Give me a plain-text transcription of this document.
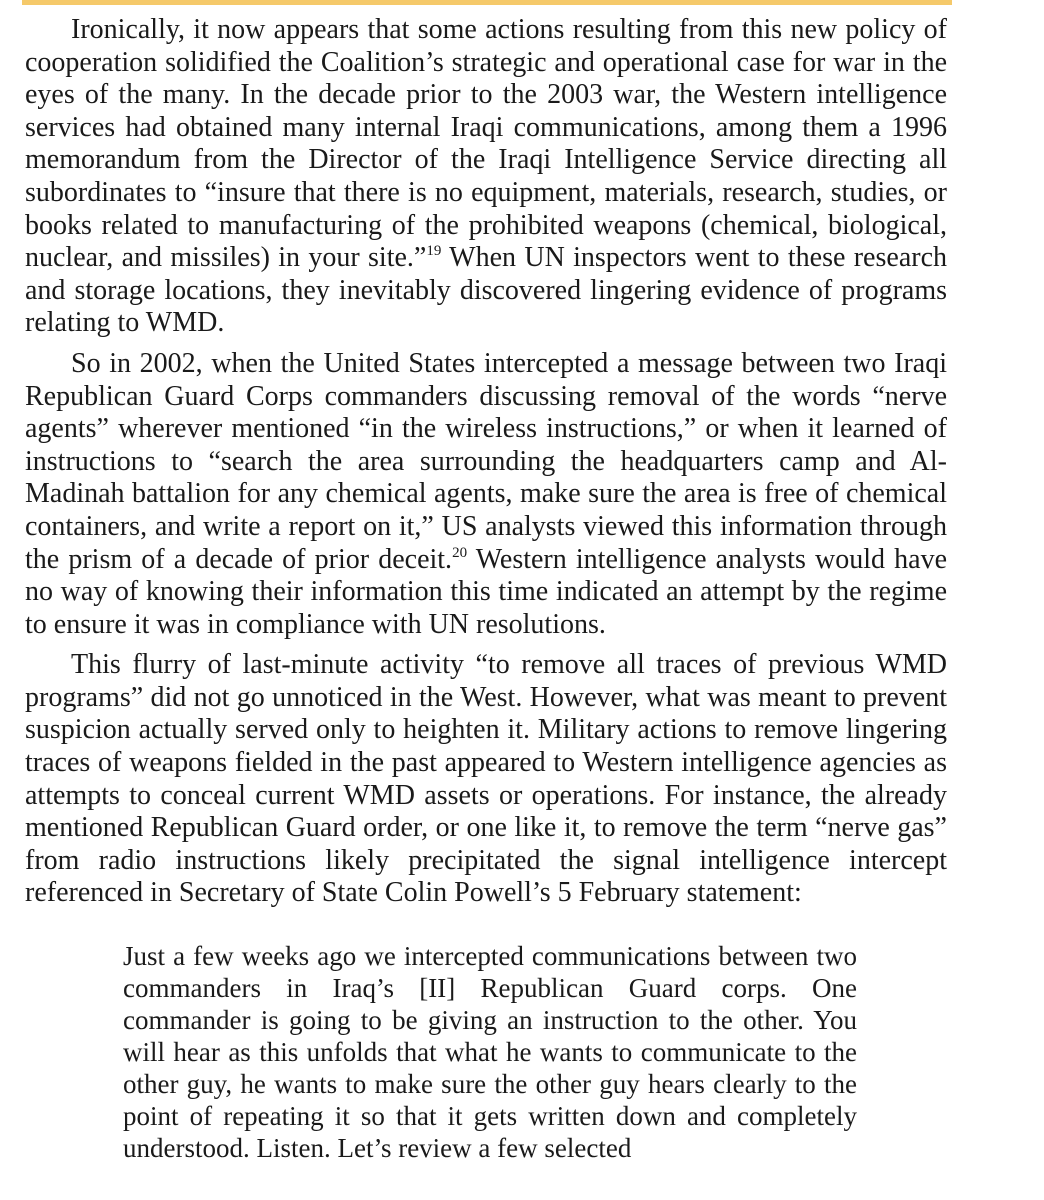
Ironically, it now appears that some actions resulting from this new policy of cooperation solidified the Coalition’s strategic and operational case for war in the eyes of the many. In the decade prior to the 2003 war, the Western intelligence services had obtained many internal Iraqi communications, among them a 1996 memorandum from the Director of the Iraqi Intelligence Service directing all subordinates to “insure that there is no equipment, materials, research, studies, or books related to manufacturing of the prohibited weapons (chemical, biological, nuclear, and missiles) in your site.”$^{19}$ When UN inspectors went to these research and storage locations, they inevitably discovered lingering evidence of programs relating to WMD.

So in 2002, when the United States intercepted a message between two Iraqi Republican Guard Corps commanders discussing removal of the words “nerve agents” wherever mentioned “in the wireless instructions,” or when it learned of instructions to “search the area surrounding the headquarters camp and Al-Madinah battalion for any chemical agents, make sure the area is free of chemical containers, and write a report on it,” US analysts viewed this information through the prism of a decade of prior deceit.$^{20}$ Western intelligence analysts would have no way of knowing their information this time indicated an attempt by the regime to ensure it was in compliance with UN resolutions.

This flurry of last-minute activity “to remove all traces of previous WMD programs” did not go unnoticed in the West. However, what was meant to prevent suspicion actually served only to heighten it. Military actions to remove lingering traces of weapons fielded in the past appeared to Western intelligence agencies as attempts to conceal current WMD assets or operations. For instance, the already mentioned Republican Guard order, or one like it, to remove the term “nerve gas” from radio instructions likely precipitated the signal intelligence intercept referenced in Secretary of State Colin Powell’s 5 February statement:

Just a few weeks ago we intercepted communications between two commanders in Iraq’s [II] Republican Guard corps. One commander is going to be giving an instruction to the other. You will hear as this unfolds that what he wants to communicate to the other guy, he wants to make sure the other guy hears clearly to the point of repeating it so that it gets written down and completely understood. Listen. Let’s review a few selected
